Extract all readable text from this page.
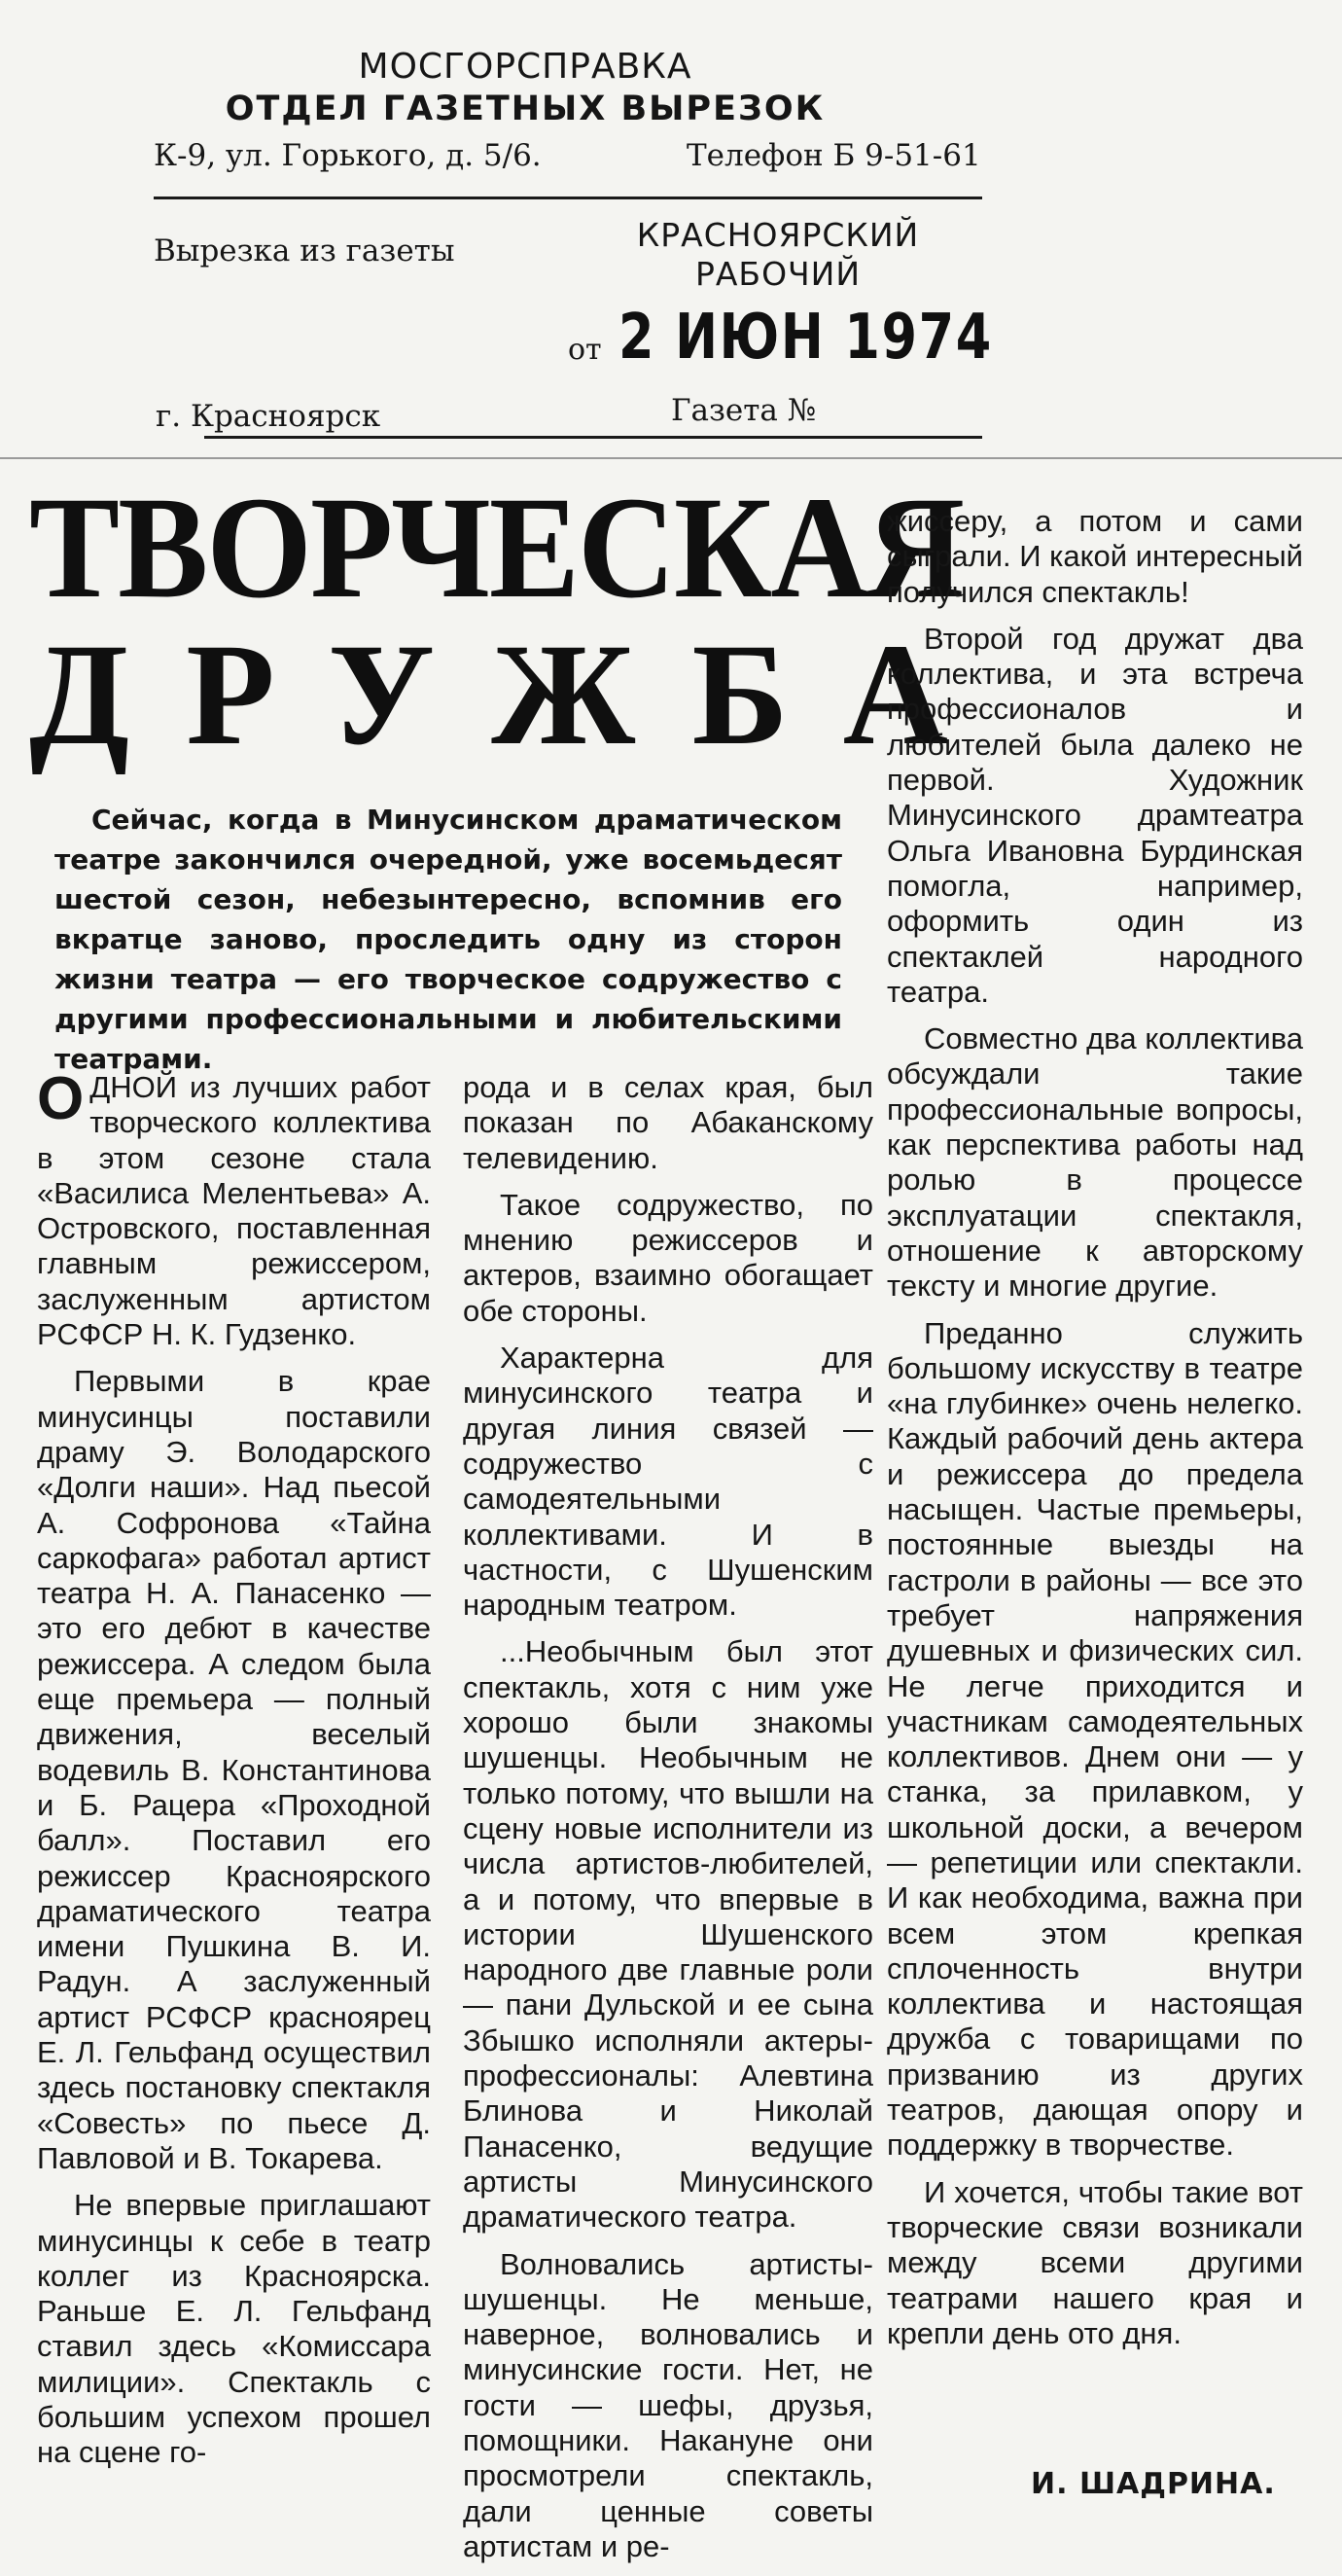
МОСГОРСПРАВКА
ОТДЕЛ ГАЗЕТНЫХ ВЫРЕЗОК
К-9, ул. Горького, д. 5/6.	Телефон Б 9-51-61
Вырезка из газеты	КРАСНОЯРСКИЙ
РАБОЧИЙ
от 2 ИЮН 1974
г. Красноярск	Газета №
ТВОРЧЕСКАЯ
ДРУЖБА
Сейчас, когда в Минусинском драматическом театре закончился очередной, уже восемьдесят шестой сезон, небезынтересно, вспомнив его вкратце заново, проследить одну из сторон жизни театра — его творческое содружество с другими профессиональными и любительскими театрами.

ОДНОЙ из лучших работ творческого коллектива в этом сезоне стала «Василиса Мелентьева» А. Островского, поставленная главным режиссером, заслуженным артистом РСФСР Н. К. Гудзенко.

Первыми в крае минусинцы поставили драму Э. Володарского «Долги наши». Над пьесой А. Софронова «Тайна саркофага» работал артист театра Н. А. Панасенко — это его дебют в качестве режиссера. А следом была еще премьера — полный движения, веселый водевиль В. Константинова и Б. Рацера «Проходной балл». Поставил его режиссер Красноярского драматического театра имени Пушкина В. И. Радун. А заслуженный артист РСФСР красноярец Е. Л. Гельфанд осуществил здесь постановку спектакля «Совесть» по пьесе Д. Павловой и В. Токарева.

Не впервые приглашают минусинцы к себе в театр коллег из Красноярска. Раньше Е. Л. Гельфанд ставил здесь «Комиссара милиции». Спектакль с большим успехом прошел на сцене го-

рода и в селах края, был показан по Абаканскому телевидению.

Такое содружество, по мнению режиссеров и актеров, взаимно обогащает обе стороны.

Характерна для минусинского театра и другая линия связей — содружество с самодеятельными коллективами. И в частности, с Шушенским народным театром.

...Необычным был этот спектакль, хотя с ним уже хорошо были знакомы шушенцы. Необычным не только потому, что вышли на сцену новые исполнители из числа артистов-любителей, а и потому, что впервые в истории Шушенского народного две главные роли — пани Дульской и ее сына Збышко исполняли актеры-профессионалы: Алевтина Блинова и Николай Панасенко, ведущие артисты Минусинского драматического театра.

Волновались артисты-шушенцы. Не меньше, наверное, волновались и минусинские гости. Нет, не гости — шефы, друзья, помощники. Накануне они просмотрели спектакль, дали ценные советы артистам и ре-

жиссеру, а потом и сами сыграли. И какой интересный получился спектакль!

Второй год дружат два коллектива, и эта встреча профессионалов и любителей была далеко не первой. Художник Минусинского драмтеатра Ольга Ивановна Бурдинская помогла, например, оформить один из спектаклей народного театра.

Совместно два коллектива обсуждали такие профессиональные вопросы, как перспектива работы над ролью в процессе эксплуатации спектакля, отношение к авторскому тексту и многие другие.

Преданно служить большому искусству в театре «на глубинке» очень нелегко. Каждый рабочий день актера и режиссера до предела насыщен. Частые премьеры, постоянные выезды на гастроли в районы — все это требует напряжения душевных и физических сил. Не легче приходится и участникам самодеятельных коллективов. Днем они — у станка, за прилавком, у школьной доски, а вечером — репетиции или спектакли. И как необходима, важна при всем этом крепкая сплоченность внутри коллектива и настоящая дружба с товарищами по призванию из других театров, дающая опору и поддержку в творчестве.

И хочется, чтобы такие вот творческие связи возникали между всеми другими театрами нашего края и крепли день ото дня.

И. ШАДРИНА.
